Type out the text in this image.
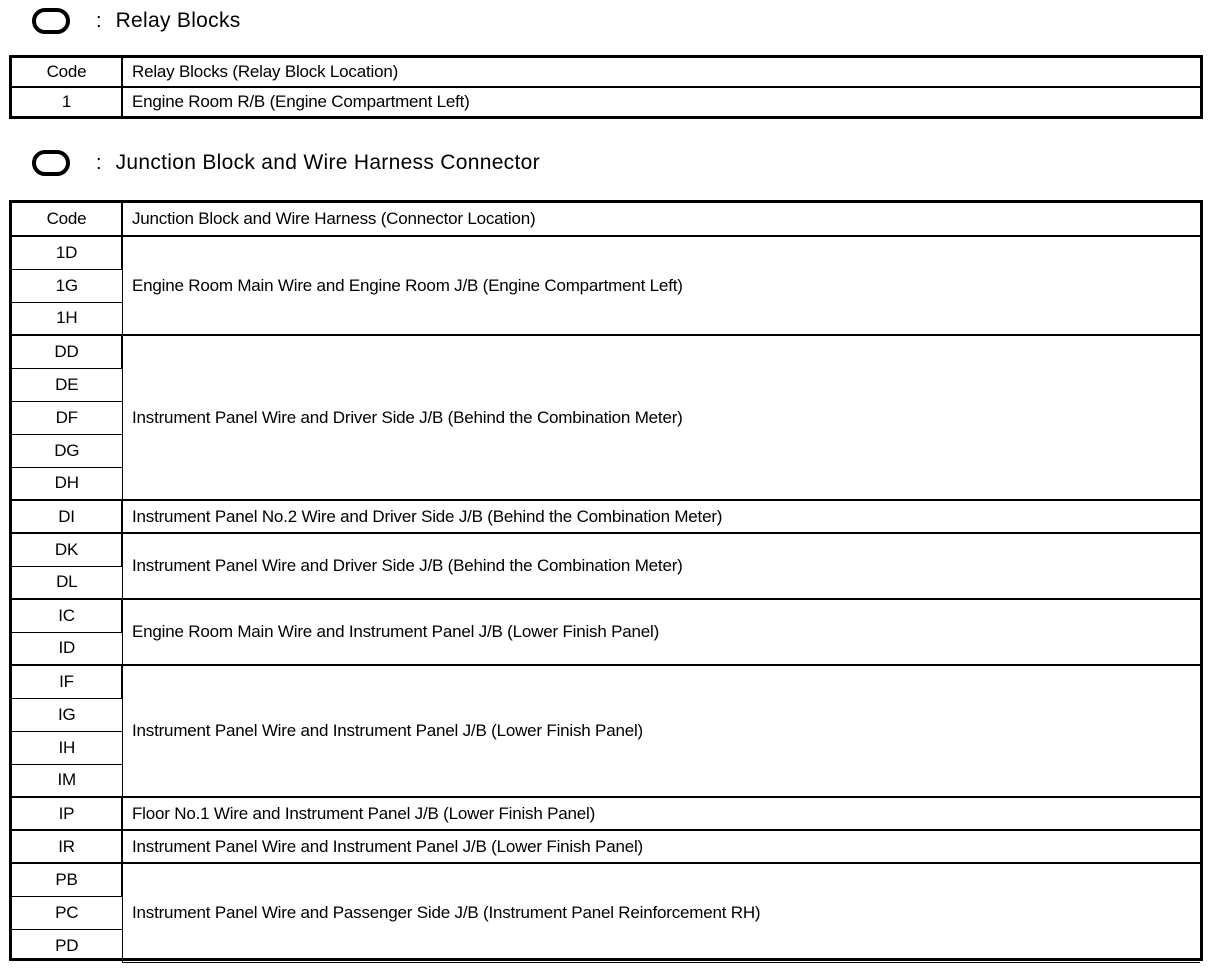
: Relay Blocks
Code	Relay Blocks (Relay Block Location)
1	Engine Room R/B (Engine Compartment Left)
: Junction Block and Wire Harness Connector
Code	Junction Block and Wire Harness (Connector Location)
1D	Engine Room Main Wire and Engine Room J/B (Engine Compartment Left)
1G	
1H	
DD	Instrument Panel Wire and Driver Side J/B (Behind the Combination Meter)
DE	
DF	
DG	
DH	
DI	Instrument Panel No.2 Wire and Driver Side J/B (Behind the Combination Meter)
DK	Instrument Panel Wire and Driver Side J/B (Behind the Combination Meter)
DL	
IC	Engine Room Main Wire and Instrument Panel J/B (Lower Finish Panel)
ID	
IF	Instrument Panel Wire and Instrument Panel J/B (Lower Finish Panel)
IG	
IH	
IM	
IP	Floor No.1 Wire and Instrument Panel J/B (Lower Finish Panel)
IR	Instrument Panel Wire and Instrument Panel J/B (Lower Finish Panel)
PB	Instrument Panel Wire and Passenger Side J/B (Instrument Panel Reinforcement RH)
PC	
PD	
